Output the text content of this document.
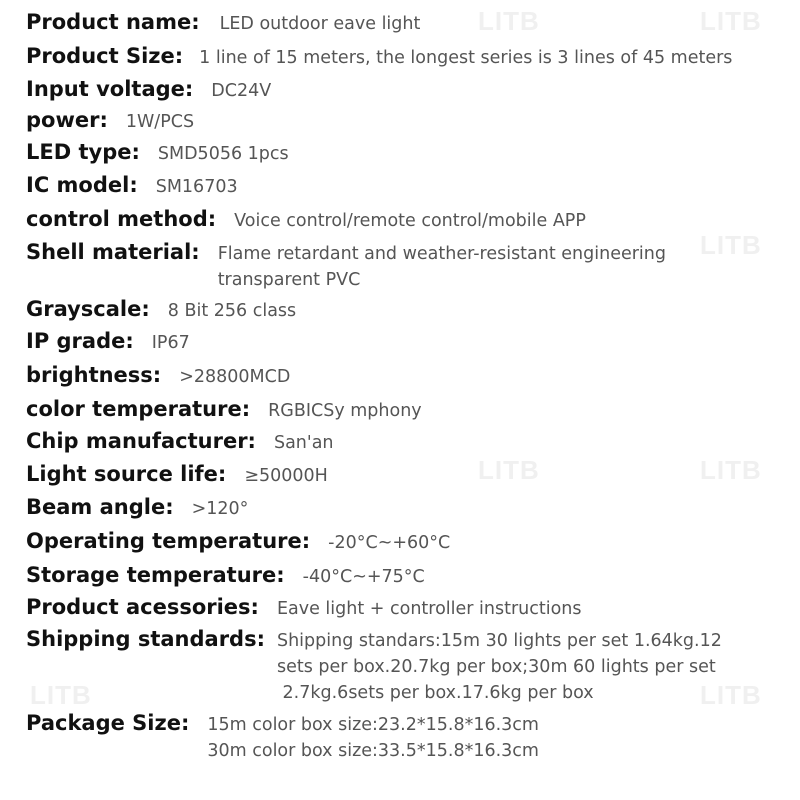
LITB	LITB
LITB
LITB	LITB
LITB	LITB
Product name: LED outdoor eave light
Product Size: 1 line of 15 meters, the longest series is 3 lines of 45 meters
Input voltage: DC24V
power: 1W/PCS
LED type: SMD5056 1pcs
IC model: SM16703
control method: Voice control/remote control/mobile APP
Shell material: Flame retardant and weather-resistant engineering
transparent PVC
Grayscale: 8 Bit 256 class
IP grade: IP67
brightness: >28800MCD
color temperature: RGBICSy mphony
Chip manufacturer: San'an
Light source life: ≥50000H
Beam angle: >120°
Operating temperature: -20°C~+60°C
Storage temperature: -40°C~+75°C
Product acessories: Eave light + controller instructions
Shipping standards: Shipping standars:15m 30 lights per set 1.64kg.12
sets per box.20.7kg per box;30m 60 lights per set
2.7kg.6sets per box.17.6kg per box
Package Size: 15m color box size:23.2*15.8*16.3cm
30m color box size:33.5*15.8*16.3cm
